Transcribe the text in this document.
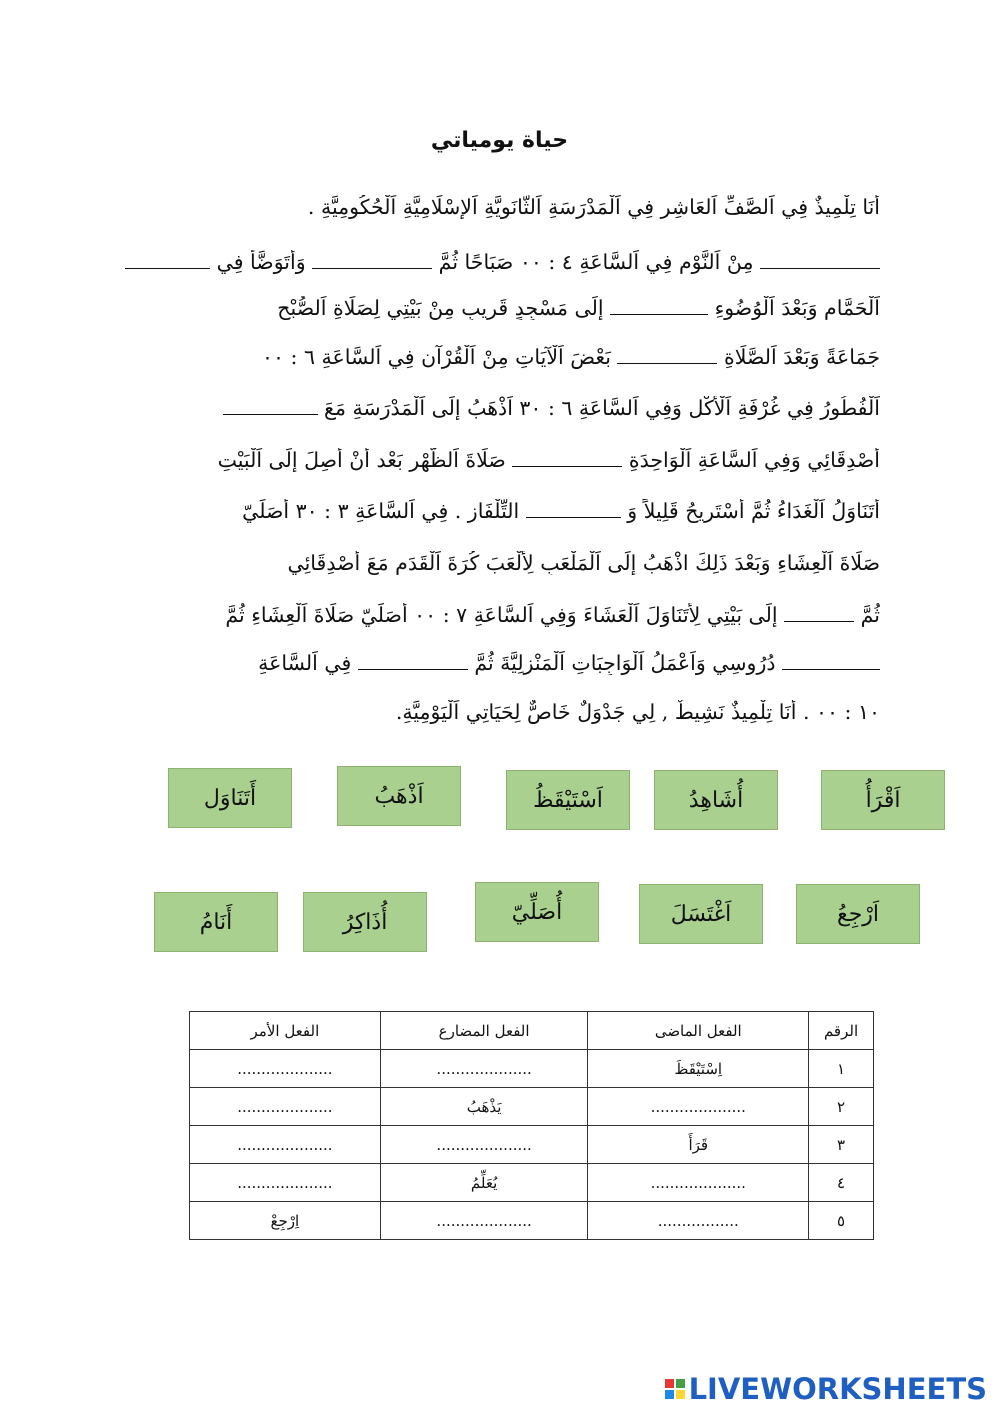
حياة يومياتي
أَنَا تِلْمِيذٌ فِي اَلصَّفِّ اَلعَاشِرِ فِي اَلْمَدْرَسَةِ اَلثَّانَوِيَّةِ اَلإِسْلَامِيَّةِ اَلْحُكُومِيَّةِ .
مِنْ اَلنَّوْمِ فِي اَلسَّاعَةِ ٤ : ٠٠ صَبَاحًا ثُمَّ  وَأَتَوَضَّأُ فِي
اَلْحَمَّامِ وَبَعْدَ اَلْوُضُوءِ  إِلَى مَسْجِدٍ قَرِيبٍ مِنْ بَيْتِي لِصَلَاةِ اَلصُّبْحِ
جَمَاعَةً وَبَعْدَ اَلصَّلَاةِ  بَعْضَ اَلْآيَاتِ مِنْ اَلْقُرْآنِ فِي اَلسَّاعَةِ ٦ : ٠٠
اَلْفُطُورُ فِي غُرْفَةِ اَلْأَكْلِ وَفِي اَلسَّاعَةِ ٦ : ٣٠ اَذْهَبُ إِلَى اَلْمَدْرَسَةِ مَعَ
أَصْدِقَائِي وَفِي اَلسَّاعَةِ اَلْوَاحِدَةِ  صَلَاةَ اَلظُّهْرِ بَعْد أَنْ أَصِلَ إِلَى اَلْبَيْتِ
أَتَنَاوَلُ اَلْغَدَاءُ ثُمَّ أَسْتَرِيحُ قَلِيلاً وَ  التِّلْفَاز . فِي اَلسَّاعَةِ ٣ : ٣٠ أُصَلِّيّ
صَلَاةَ اَلْعِشَاءِ وَبَعْدَ ذَلِكَ اذْهَبُ إِلَى اَلْمَلْعَبِ لِألْعَبَ كُرَةَ اَلْقَدَمِ مَعَ أَصْدِقَائِي
ثُمَّ  إِلَى بَيْتِي لِأَتَنَاوَلَ اَلْعَشَاءَ وَفِي اَلسَّاعَةِ ٧ : ٠٠ أُصَلِّيّ صَلَاةَ اَلْعِشَاءِ ثُمَّ
دُرُوسِي وَاَعْمَلُ اَلْوَاجِبَاتِ اَلْمَنْزِلِيَّةَ ثُمَّ  فِي اَلسَّاعَةِ
١٠ : ٠٠ . أَنَا تِلْمِيذٌ نَشِيطٌ , لِي جَدْوَلٌ خَاصٌّ لِحَيَاتِي اَلْيَوْمِيَّةِ.
أَتَنَاوَل	اَذْهَبُ	اَسْتَيْقَظُ	أُشَاهِدُ	اَقْرَأُ
أَنَامُ	أُذَاكِرُ	أُصَلِّيّ	اَغْتَسَلَ	اَرْجِعُ
الرقم	الفعل الماضى	الفعل المضارع	الفعل الأمر
١	اِسْتَيْقَظَ	....................	....................
٢	....................	يَذْهَبُ	....................
٣	قَرَأَ	....................	....................
٤	....................	يُعَلِّمُ	....................
٥	.................	....................	اِرْجِعْ
LIVEWORKSHEETS
